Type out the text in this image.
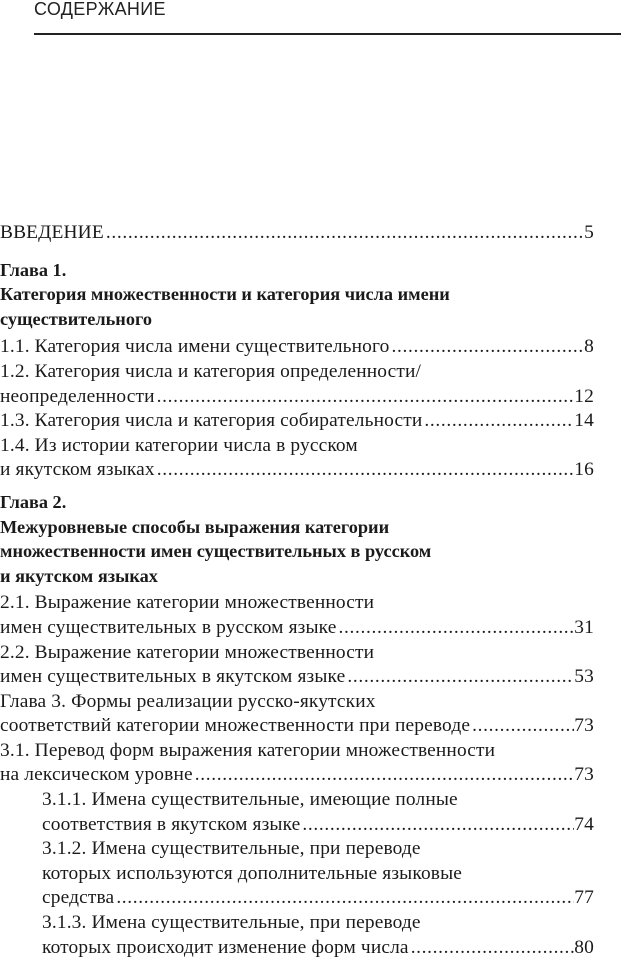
СОДЕРЖАНИЕ
ВВЕДЕНИЕ . . .	5
Глава 1.
Категория множественности и категория числа имени
существительного
1.1. Категория числа имени существительного . . .	8
1.2. Категория числа и категория определенности/
неопределенности . . .	12
1.3. Категория числа и категория собирательности . . .	14
1.4. Из истории категории числа в русском
и якутском языках . . .	16
Глава 2.
Межуровневые способы выражения категории
множественности имен существительных в русском
и якутском языках
2.1. Выражение категории множественности
имен существительных в русском языке . . .	31
2.2. Выражение категории множественности
имен существительных в якутском языке . . .	53
Глава 3. Формы реализации русско-якутских
соответствий категории множественности при переводе . . .	73
3.1. Перевод форм выражения категории множественности
на лексическом уровне . . .	73
3.1.1. Имена существительные, имеющие полные
соответствия в якутском языке . . .	74
3.1.2. Имена существительные, при переводе
которых используются дополнительные языковые
средства . . .	77
3.1.3. Имена существительные, при переводе
которых происходит изменение форм числа . . .	80
